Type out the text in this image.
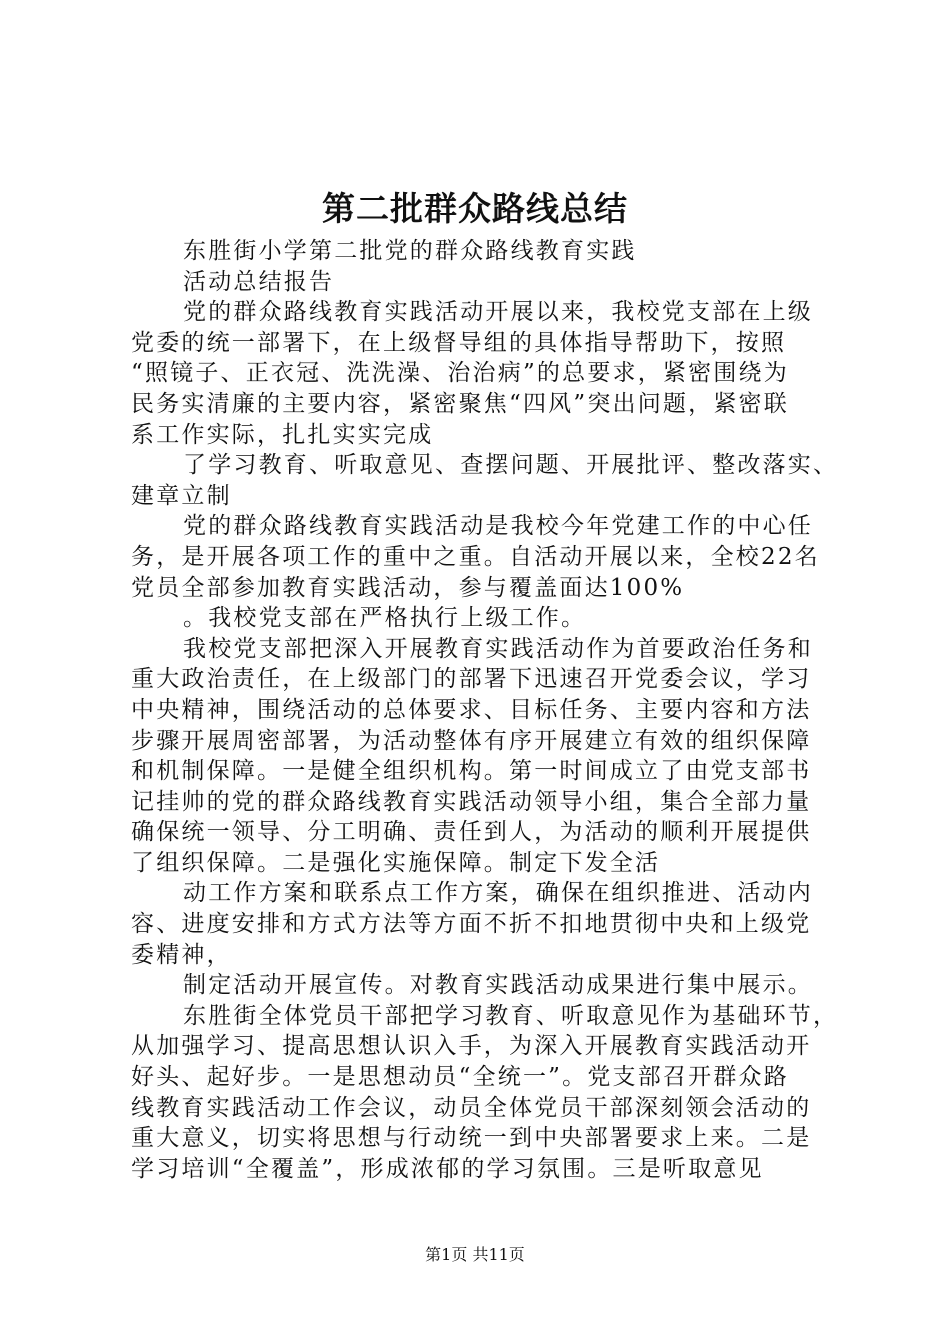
第二批群众路线总结
东胜街小学第二批党的群众路线教育实践
活动总结报告
党的群众路线教育实践活动开展以来，我校党支部在上级
党委的统一部署下，在上级督导组的具体指导帮助下，按照
“照镜子、正衣冠、洗洗澡、治治病”的总要求，紧密围绕为
民务实清廉的主要内容，紧密聚焦“四风”突出问题，紧密联
系工作实际，扎扎实实完成
了学习教育、听取意见、查摆问题、开展批评、整改落实、
建章立制
党的群众路线教育实践活动是我校今年党建工作的中心任
务，是开展各项工作的重中之重。自活动开展以来，全校22名
党员全部参加教育实践活动，参与覆盖面达100%
。我校党支部在严格执行上级工作。
我校党支部把深入开展教育实践活动作为首要政治任务和
重大政治责任，在上级部门的部署下迅速召开党委会议，学习
中央精神，围绕活动的总体要求、目标任务、主要内容和方法
步骤开展周密部署，为活动整体有序开展建立有效的组织保障
和机制保障。一是健全组织机构。第一时间成立了由党支部书
记挂帅的党的群众路线教育实践活动领导小组，集合全部力量
确保统一领导、分工明确、责任到人，为活动的顺利开展提供
了组织保障。二是强化实施保障。制定下发全活
动工作方案和联系点工作方案，确保在组织推进、活动内
容、进度安排和方式方法等方面不折不扣地贯彻中央和上级党
委精神，
制定活动开展宣传。对教育实践活动成果进行集中展示。
东胜街全体党员干部把学习教育、听取意见作为基础环节，
从加强学习、提高思想认识入手，为深入开展教育实践活动开
好头、起好步。一是思想动员“全统一”。党支部召开群众路
线教育实践活动工作会议，动员全体党员干部深刻领会活动的
重大意义，切实将思想与行动统一到中央部署要求上来。二是
学习培训“全覆盖”，形成浓郁的学习氛围。三是听取意见
第1页 共11页
